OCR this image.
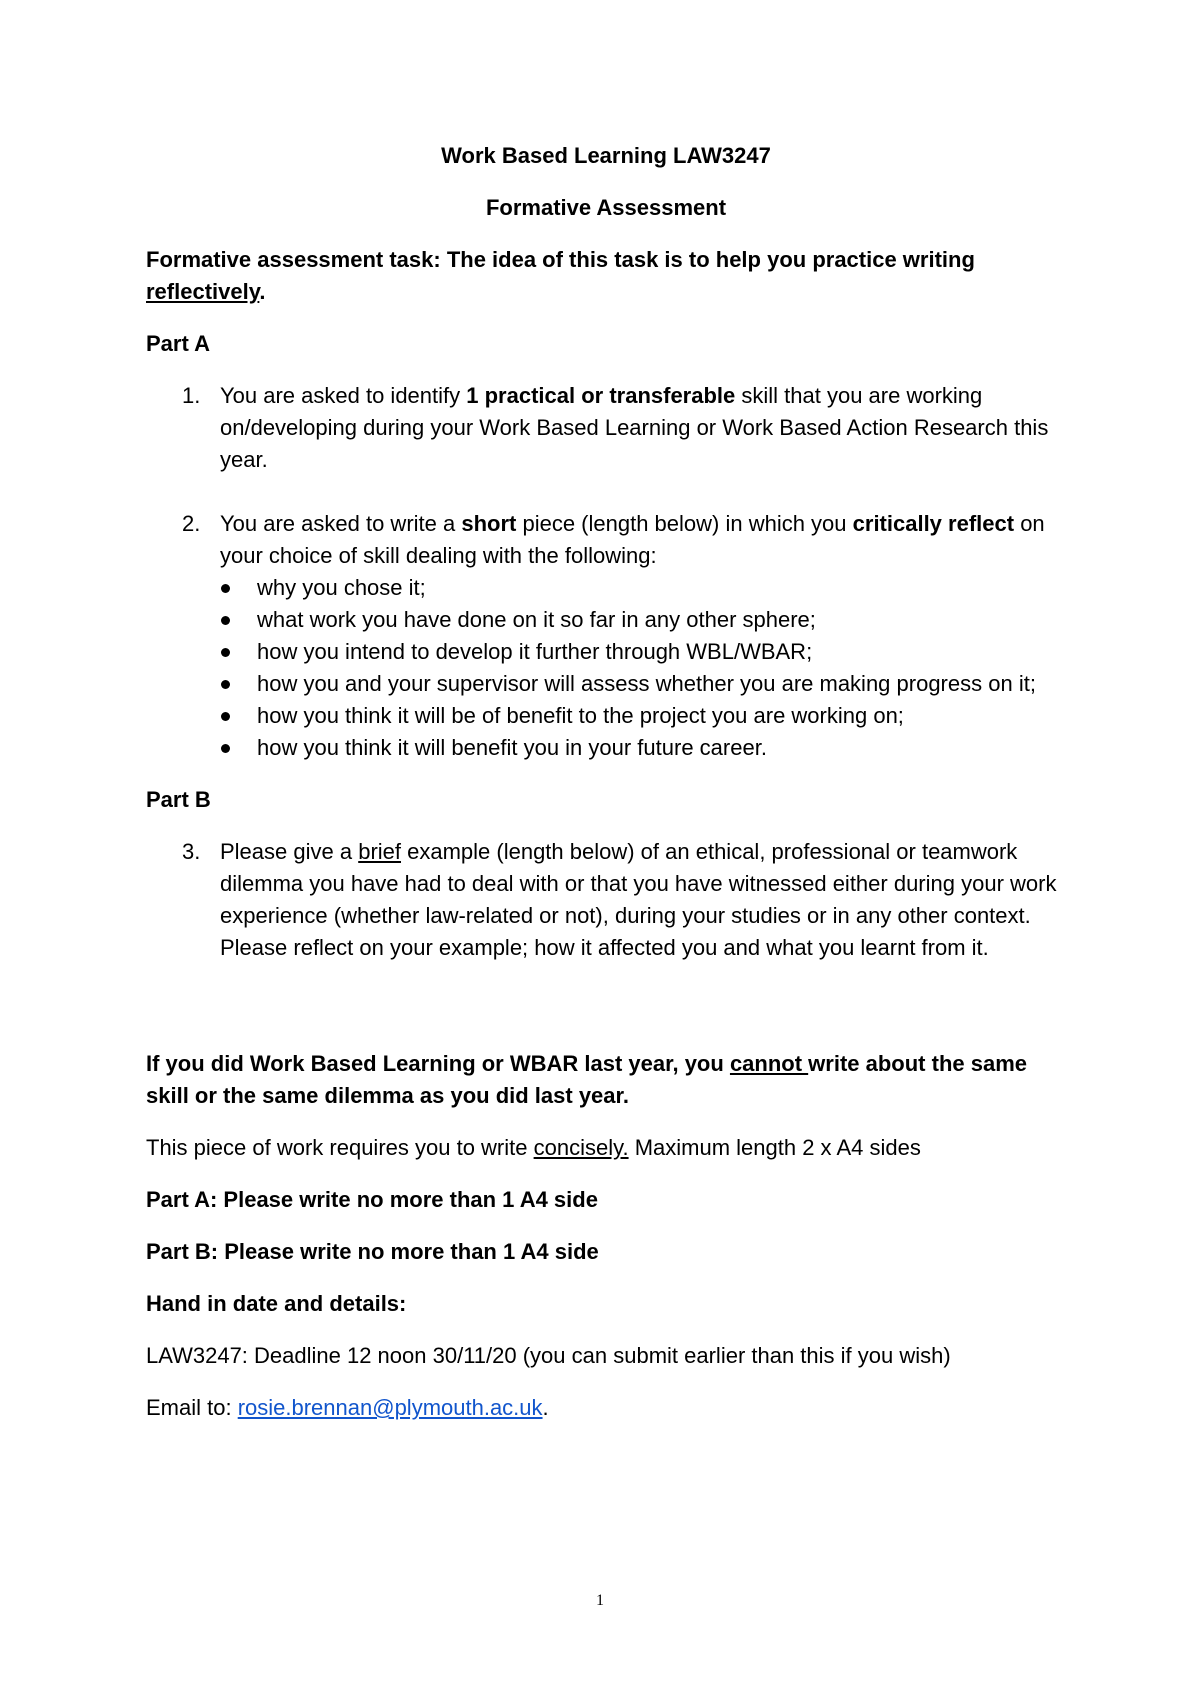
Work Based Learning LAW3247

Formative Assessment

Formative assessment task: The idea of this task is to help you practice writing reflectively.

Part A

1. You are asked to identify 1 practical or transferable skill that you are working on/developing during your Work Based Learning or Work Based Action Research this year.
2. You are asked to write a short piece (length below) in which you critically reflect on your choice of skill dealing with the following:
why you chose it;
what work you have done on it so far in any other sphere;
how you intend to develop it further through WBL/WBAR;
how you and your supervisor will assess whether you are making progress on it;
how you think it will be of benefit to the project you are working on;
how you think it will benefit you in your future career.

Part B

3. Please give a brief example (length below) of an ethical, professional or teamwork dilemma you have had to deal with or that you have witnessed either during your work experience (whether law-related or not), during your studies or in any other context. Please reflect on your example; how it affected you and what you learnt from it.

If you did Work Based Learning or WBAR last year, you cannot write about the same skill or the same dilemma as you did last year.

This piece of work requires you to write concisely. Maximum length 2 x A4 sides

Part A: Please write no more than 1 A4 side

Part B: Please write no more than 1 A4 side

Hand in date and details:

LAW3247: Deadline 12 noon 30/11/20 (you can submit earlier than this if you wish)

Email to: rosie.brennan@plymouth.ac.uk.

1
